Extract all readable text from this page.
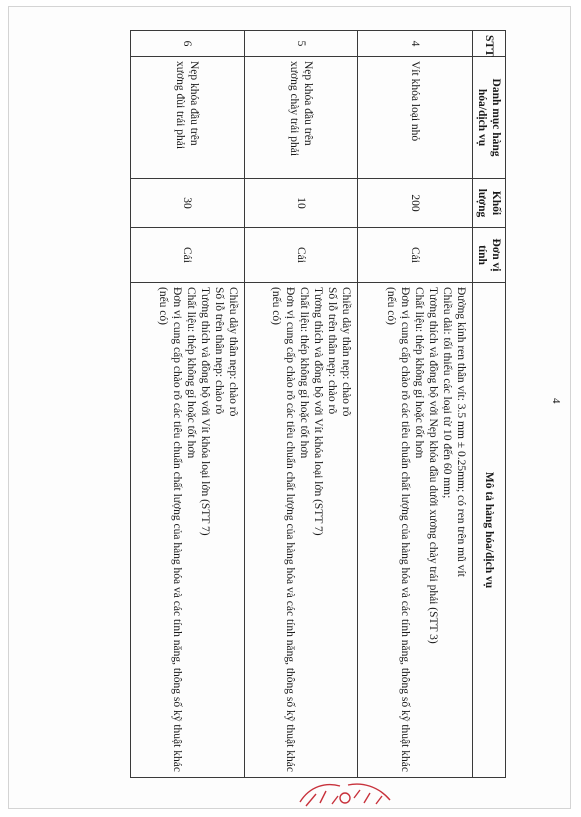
4
STT	Danh mục hàng hóa/dịch vụ	Khối lượng	Đơn vị tính	Mô tả hàng hóa/dịch vụ
4	Vít khóa loại nhỏ	200	Cái	Đường kính ren thân vít: 3.5 mm ± 0.25mm; có ren trên mũ vít
Chiều dài: tối thiểu các loại từ 10 đến 60 mm;
Tương thích và đồng bộ với Nẹp khóa đầu dưới xương chày trái phải (STT 3)
Chất liệu: thép không gỉ hoặc tốt hơn
Đơn vị cung cấp chào rõ các tiêu chuẩn chất lượng của hàng hóa và các tính năng, thông số kỹ thuật khác (nếu có)

5	Nẹp khóa đầu trên xương chày trái phải	10	Cái	Chiều dày thân nẹp: chào rõ
Số lỗ trên thân nẹp: chào rõ
Tương thích và đồng bộ với Vít khóa loại lớn (STT 7)
Chất liệu: thép không gỉ hoặc tốt hơn
Đơn vị cung cấp chào rõ các tiêu chuẩn chất lượng của hàng hóa và các tính năng, thông số kỹ thuật khác (nếu có)

6	Nẹp khóa đầu trên xương đùi trái phải	30	Cái	Chiều dày thân nẹp: chào rõ
Số lỗ trên thân nẹp: chào rõ
Tương thích và đồng bộ với Vít khóa loại lớn (STT 7)
Chất liệu: thép không gỉ hoặc tốt hơn
Đơn vị cung cấp chào rõ các tiêu chuẩn chất lượng của hàng hóa và các tính năng, thông số kỹ thuật khác (nếu có)
